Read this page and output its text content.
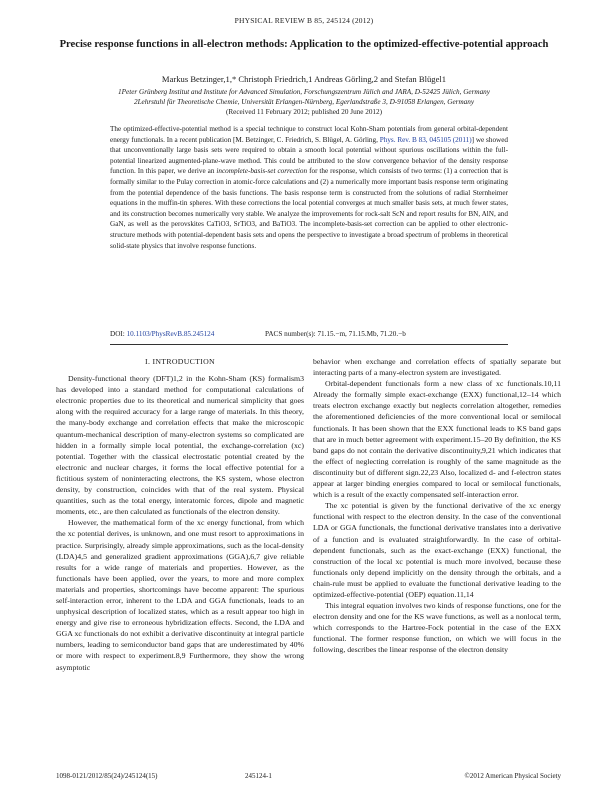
PHYSICAL REVIEW B 85, 245124 (2012)
Precise response functions in all-electron methods: Application to the optimized-effective-potential approach
Markus Betzinger,1,* Christoph Friedrich,1 Andreas Görling,2 and Stefan Blügel1
1Peter Grünberg Institut and Institute for Advanced Simulation, Forschungszentrum Jülich and JARA, D-52425 Jülich, Germany
2Lehrstuhl für Theoretische Chemie, Universität Erlangen-Nürnberg, Egerlandstraße 3, D-91058 Erlangen, Germany
(Received 11 February 2012; published 20 June 2012)
The optimized-effective-potential method is a special technique to construct local Kohn-Sham potentials from general orbital-dependent energy functionals. In a recent publication [M. Betzinger, C. Friedrich, S. Blügel, A. Görling, Phys. Rev. B 83, 045105 (2011)] we showed that unconventionally large basis sets were required to obtain a smooth local potential without spurious oscillations within the full-potential linearized augmented-plane-wave method. This could be attributed to the slow convergence behavior of the density response function. In this paper, we derive an incomplete-basis-set correction for the response, which consists of two terms: (1) a correction that is formally similar to the Pulay correction in atomic-force calculations and (2) a numerically more important basis response term originating from the potential dependence of the basis functions. The basis response term is constructed from the solutions of radial Sternheimer equations in the muffin-tin spheres. With these corrections the local potential converges at much smaller basis sets, at much fewer states, and its construction becomes numerically very stable. We analyze the improvements for rock-salt ScN and report results for BN, AlN, and GaN, as well as the perovskites CaTiO3, SrTiO3, and BaTiO3. The incomplete-basis-set correction can be applied to other electronic-structure methods with potential-dependent basis sets and opens the perspective to investigate a broad spectrum of problems in theoretical solid-state physics that involve response functions.
DOI: 10.1103/PhysRevB.85.245124	PACS number(s): 71.15.−m, 71.15.Mb, 71.20.−b
I. INTRODUCTION

Density-functional theory (DFT)1,2 in the Kohn-Sham (KS) formalism3 has developed into a standard method for computational calculations of electronic properties due to its theoretical and numerical simplicity that goes along with the required accuracy for a large range of materials. In this theory, the many-body exchange and correlation effects that make the microscopic quantum-mechanical description of many-electron systems so complicated are hidden in a formally simple local potential, the exchange-correlation (xc) potential. Together with the classical electrostatic potential created by the electronic and nuclear charges, it forms the local effective potential for a fictitious system of noninteracting electrons, the KS system, whose electron density, by construction, coincides with that of the real system. Physical quantities, such as the total energy, interatomic forces, dipole and magnetic moments, etc., are then calculated as functionals of the electron density.

However, the mathematical form of the xc energy functional, from which the xc potential derives, is unknown, and one must resort to approximations in practice. Surprisingly, already simple approximations, such as the local-density (LDA)4,5 and generalized gradient approximations (GGA),6,7 give reliable results for a wide range of materials and properties. However, as the functionals have been applied, over the years, to more and more complex materials and properties, shortcomings have become apparent: The spurious self-interaction error, inherent to the LDA and GGA functionals, leads to an unphysical description of localized states, which as a result appear too high in energy and give rise to erroneous hybridization effects. Second, the LDA and GGA xc functionals do not exhibit a derivative discontinuity at integral particle numbers, leading to semiconductor band gaps that are underestimated by 40% or more with respect to experiment.8,9 Furthermore, they show the wrong asymptotic

behavior when exchange and correlation effects of spatially separate but interacting parts of a many-electron system are investigated.

Orbital-dependent functionals form a new class of xc functionals.10,11 Already the formally simple exact-exchange (EXX) functional,12–14 which treats electron exchange exactly but neglects correlation altogether, remedies the aforementioned deficiencies of the more conventional local or semilocal functionals. It has been shown that the EXX functional leads to KS band gaps that are in much better agreement with experiment.15–20 By definition, the KS band gaps do not contain the derivative discontinuity,9,21 which indicates that the effect of neglecting correlation is roughly of the same magnitude as the discontinuity but of different sign.22,23 Also, localized d- and f-electron states appear at larger binding energies compared to local or semilocal functionals, which is a result of the exactly compensated self-interaction error.

The xc potential is given by the functional derivative of the xc energy functional with respect to the electron density. In the case of the conventional LDA or GGA functionals, the functional derivative translates into a derivative of a function and is evaluated straightforwardly. In the case of orbital-dependent functionals, such as the exact-exchange (EXX) functional, the construction of the local xc potential is much more involved, because these functionals only depend implicitly on the density through the orbitals, and a chain-rule must be applied to evaluate the functional derivative leading to the optimized-effective-potential (OEP) equation.11,14

This integral equation involves two kinds of response functions, one for the electron density and one for the KS wave functions, as well as a nonlocal term, which corresponds to the Hartree-Fock potential in the case of the EXX functional. The former response function, on which we will focus in the following, describes the linear response of the electron density

1098-0121/2012/85(24)/245124(15)	245124-1	©2012 American Physical Society
